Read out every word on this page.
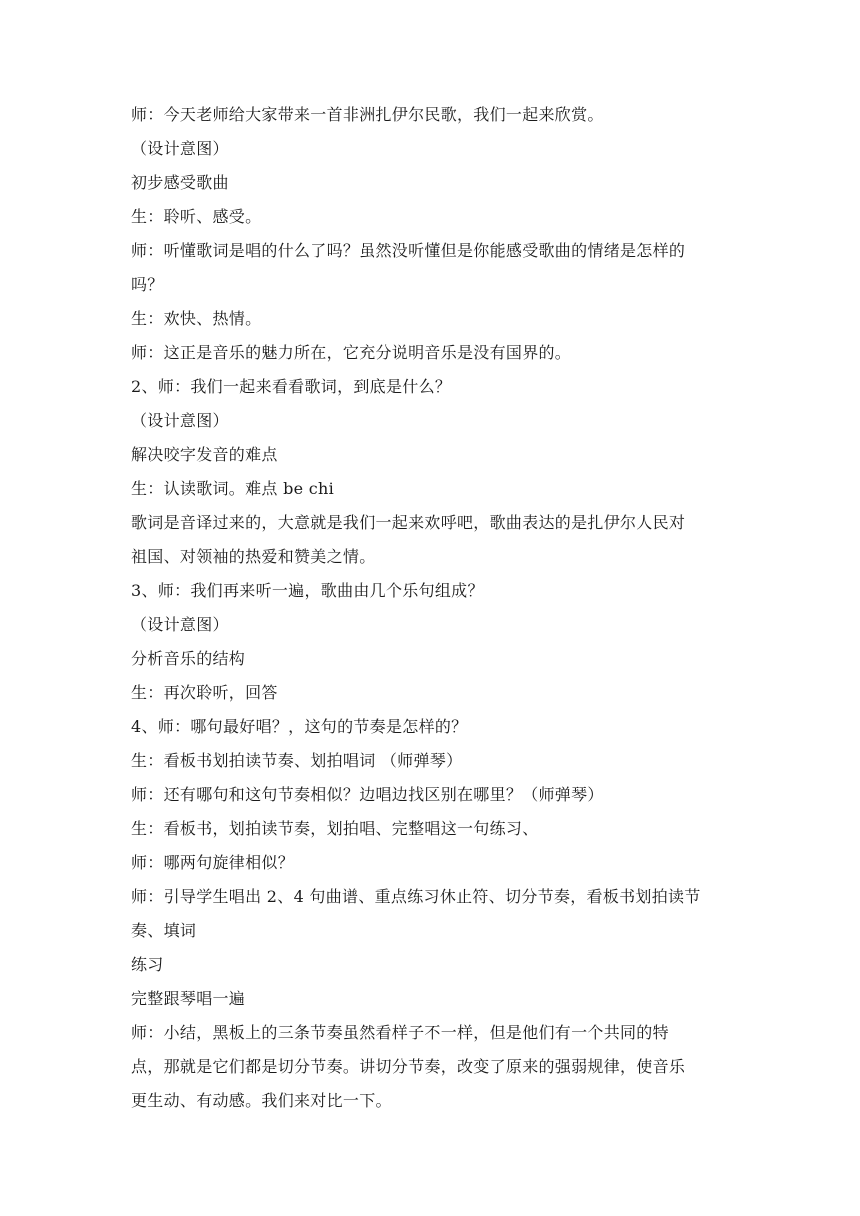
师：今天老师给大家带来一首非洲扎伊尔民歌，我们一起来欣赏。
（设计意图）
初步感受歌曲
生：聆听、感受。
师：听懂歌词是唱的什么了吗？虽然没听懂但是你能感受歌曲的情绪是怎样的
吗？
生：欢快、热情。
师：这正是音乐的魅力所在，它充分说明音乐是没有国界的。
2、师：我们一起来看看歌词，到底是什么？
（设计意图）
解决咬字发音的难点
生：认读歌词。难点 be chi
歌词是音译过来的，大意就是我们一起来欢呼吧，歌曲表达的是扎伊尔人民对
祖国、对领袖的热爱和赞美之情。
3、师：我们再来听一遍，歌曲由几个乐句组成？
（设计意图）
分析音乐的结构
生：再次聆听，回答
4、师：哪句最好唱？，这句的节奏是怎样的？
生：看板书划拍读节奏、划拍唱词 （师弹琴）
师：还有哪句和这句节奏相似？边唱边找区别在哪里？（师弹琴）
生：看板书，划拍读节奏，划拍唱、完整唱这一句练习、
师：哪两句旋律相似？
师：引导学生唱出 2、4 句曲谱、重点练习休止符、切分节奏，看板书划拍读节
奏、填词
练习
完整跟琴唱一遍
师：小结，黑板上的三条节奏虽然看样子不一样，但是他们有一个共同的特
点，那就是它们都是切分节奏。讲切分节奏，改变了原来的强弱规律，使音乐
更生动、有动感。我们来对比一下。
